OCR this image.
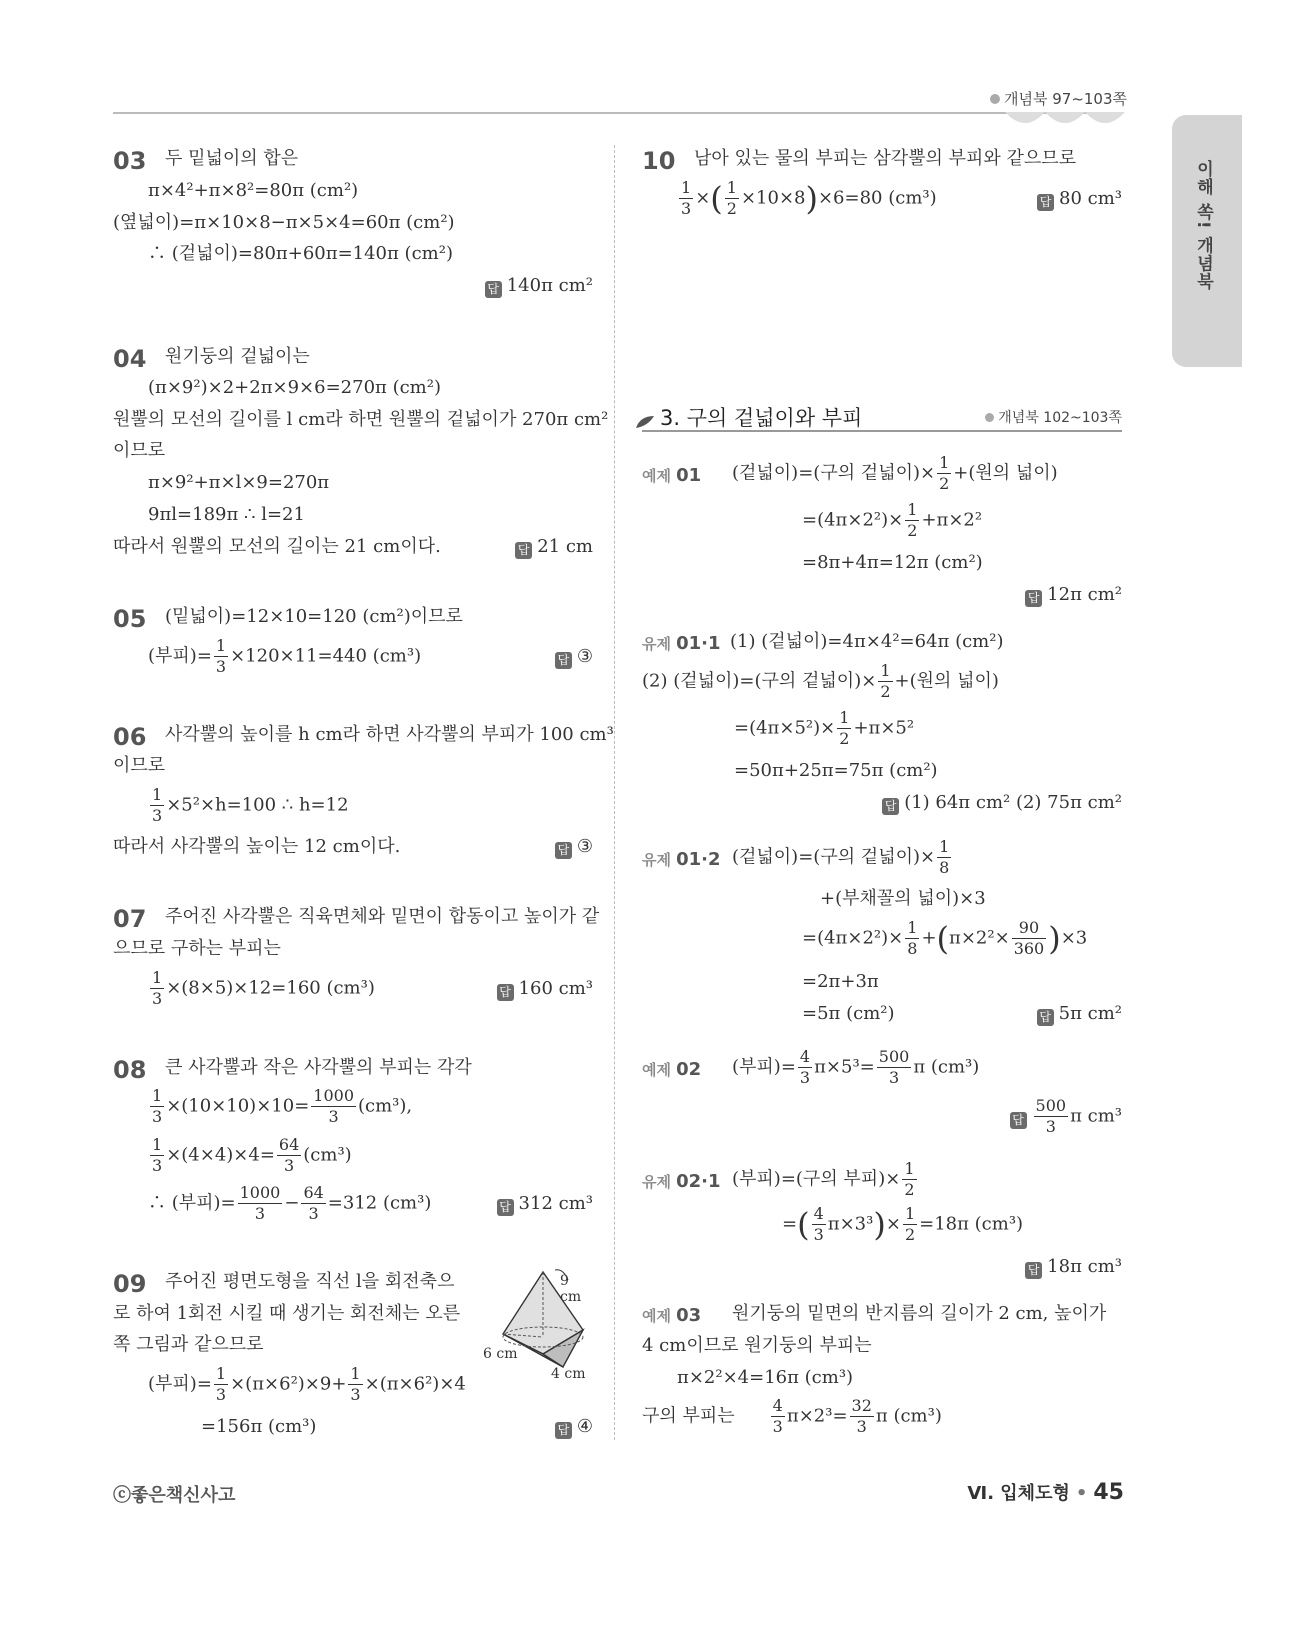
개념북 97~103쪽
이해 쏙! 개념북
03 두 밑넓이의 합은
π×4²+π×8²=80π (cm²)
(옆넓이)=π×10×8−π×5×4=60π (cm²)
∴ (겉넓이)=80π+60π=140π (cm²)
답 140π cm²
04 원기둥의 겉넓이는
(π×9²)×2+2π×9×6=270π (cm²)
원뿔의 모선의 길이를 l cm라 하면 원뿔의 겉넓이가 270π cm²
이므로
π×9²+π×l×9=270π
9πl=189π ∴ l=21
따라서 원뿔의 모선의 길이는 21 cm이다.	답 21 cm
05 (밑넓이)=12×10=120 (cm²)이므로
(부피)= $\frac{1}{3} \times 120\times 11=440$ (cm³)	답 ③
06 사각뿔의 높이를 h cm라 하면 사각뿔의 부피가 100 cm³
이므로
$\frac{1}{3} \times 5^2\times h=100$ ∴ h=12
따라서 사각뿔의 높이는 12 cm이다.	답 ③
07 주어진 사각뿔은 직육면체와 밑면이 합동이고 높이가 같
으므로 구하는 부피는
$\frac{1}{3} \times(8\times 5)\times 12=160$ (cm³)	답 160 cm³
08 큰 사각뿔과 작은 사각뿔의 부피는 각각
$\frac{1}{3} \times(10\times 10)\times 10= \frac{1000}{3} (cm^3)$,
$\frac{1}{3} \times(4\times 4)\times 4= \frac{64}{3} (cm^3)$
∴ (부피)= $\frac{1000}{3} - \frac{64}{3} =312$ (cm³)	답 312 cm³
09 주어진 평면도형을 직선 l을 회전축으
로 하여 1회전 시킬 때 생기는 회전체는 오른
쪽 그림과 같으므로
(부피)= $\frac{1}{3} \times(\pi\times 6^2)\times 9+ \frac{1}{3} \times(\pi\times 6^2)\times 4$
=156π (cm³)	답 ④
9 cm
6 cm
4 cm
10 남아 있는 물의 부피는 삼각뿔의 부피와 같으므로
$\frac{1}{3}$ ×( $\frac{1}{2} \times 10\times 8)\times 6=80$ (cm³)	답 80 cm³
3. 구의 겉넓이와 부피	개념북 102~103쪽
예제 01 (겉넓이)=(구의 겉넓이)× $\frac{1}{2}$ +(원의 넓이)
$=(4\pi\times 2^2)\times \frac{1}{2} +\pi\times 2^2$
=8π+4π=12π (cm²)
답 12π cm²
유제 01·1 (1) (겉넓이)=4π×4²=64π (cm²)
(2) (겉넓이)=(구의 겉넓이)× $\frac{1}{2}$ +(원의 넓이)
$=(4\pi\times 5^2)\times \frac{1}{2} +\pi\times 5^2$
=50π+25π=75π (cm²)
답 (1) 64π cm² (2) 75π cm²
유제 01·2 (겉넓이)=(구의 겉넓이)× $\frac{1}{8}$
+(부채꼴의 넓이)×3
$=(4\pi\times 2^2)\times \frac{1}{8} +(\pi\times 2^2\times \frac{90}{360} )\times 3$
=2π+3π
=5π (cm²)	답 5π cm²
예제 02 (부피)= $\frac{4}{3} \pi\times 5^3= \frac{500}{3}$ π (cm³)
답 $\frac{500}{3}$ π cm³
유제 02·1 (부피)=(구의 부피)× $\frac{1}{2}$
=( $\frac{4}{3} \pi\times 3^3)\times \frac{1}{2} =18\pi$ (cm³)
답 18π cm³
예제 03 원기둥의 밑면의 반지름의 길이가 2 cm, 높이가
4 cm이므로 원기둥의 부피는
π×2²×4=16π (cm³)
구의 부피는 $\frac{4}{3} \pi\times 2^3= \frac{32}{3}$ π (cm³)
ⓒ좋은책신사고	Ⅵ. 입체도형 • 45
